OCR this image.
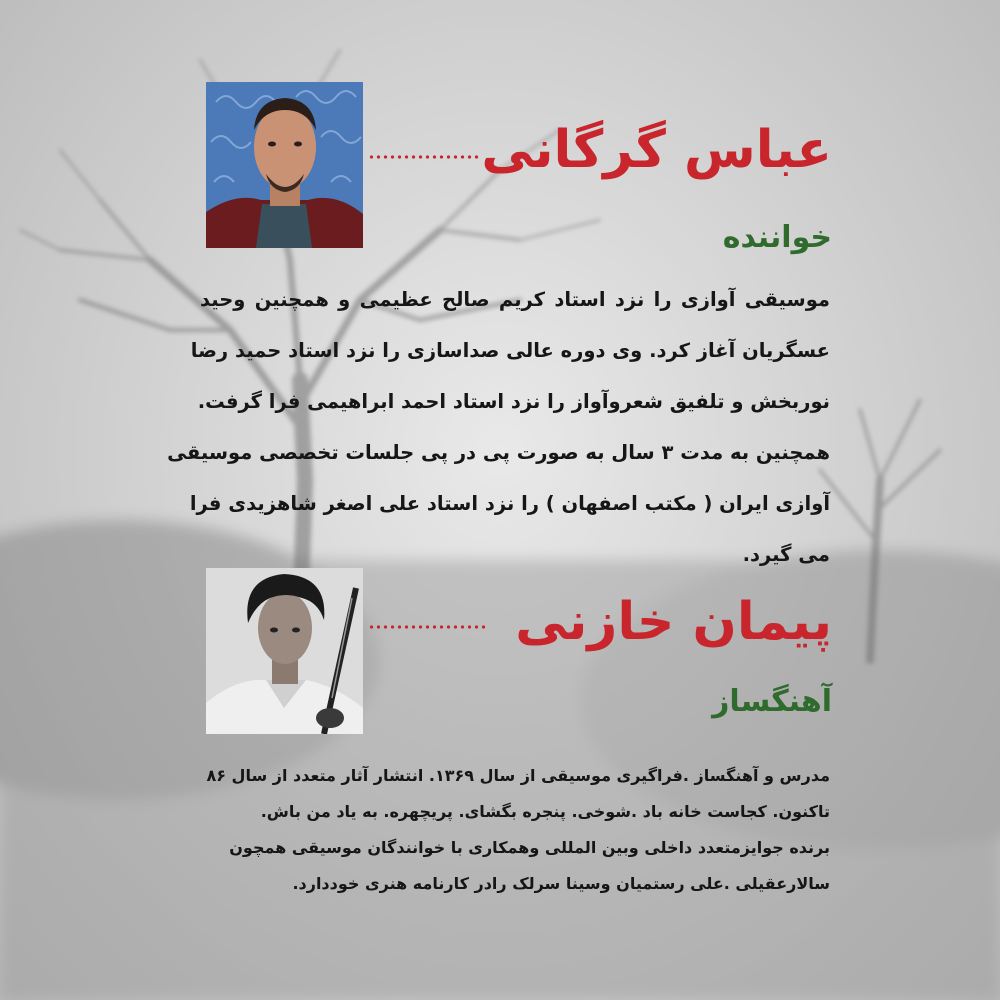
عباس گرگانی
خواننده
موسیقی آوازی را نزد استاد کریم صالح عظیمی و همچنین وحید
عسگریان آغاز کرد. وی دوره عالی صداسازی را نزد استاد حمید رضا
نوربخش و تلفیق شعروآواز را نزد استاد احمد ابراهیمی فرا گرفت.
همچنین به مدت ۳ سال به صورت پی در پی جلسات تخصصی موسیقی
آوازی ایران ( مکتب اصفهان ) را نزد استاد علی اصغر شاهزیدی فرا
می گیرد.
پیمان خازنی
آهنگساز
مدرس و آهنگساز .فراگیری موسیقی از سال ۱۳۶۹. انتشار آثار متعدد از سال ۸۶
تاکنون. کجاست خانه باد .شوخی. پنجره بگشای. پریچهره. به یاد من باش.
برنده جوایزمتعدد داخلی وبین المللی وهمکاری با خوانندگان موسیقی همچون
سالارعقیلی .علی رستمیان وسینا سرلک رادر کارنامه هنری خوددارد.
